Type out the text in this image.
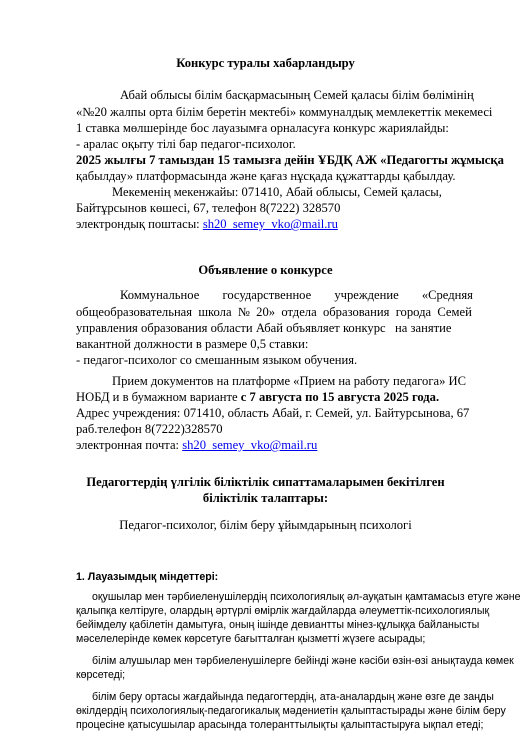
Конкурс туралы хабарландыру
Абай облысы білім басқармасының Семей қаласы білім бөлімінің
«№20 жалпы орта білім беретін мектебі» коммуналдық мемлекеттік мекемесі
1 ставка мөлшерінде бос лауазымға орналасуға конкурс жариялайды:
- аралас оқыту тілі бар педагог-психолог.
2025 жылғы 7 тамыздан 15 тамызға дейін ҰБДҚ АЖ «Педагогты жұмысқа
қабылдау» платформасында және қағаз нұсқада құжаттарды қабылдау.
Мекеменің мекенжайы: 071410, Абай облысы, Семей қаласы,
Байтұрсынов көшесі, 67, телефон 8(7222) 328570
электрондық поштасы: sh20_semey_vko@mail.ru
Объявление о конкурсе
Коммунальное государственное учреждение «Средняя
общеобразовательная  школа  №  20»  отдела  образования  города  Семей
управления образования области Абай объявляет конкурс   на занятие
вакантной должности в размере 0,5 ставки:
- педагог-психолог со смешанным языком обучения.
Прием документов на платформе «Прием на работу педагога» ИС
НОБД и в бумажном варианте с 7 августа по 15 августа 2025 года.
Адрес учреждения: 071410, область Абай, г. Семей, ул. Байтурсынова, 67
раб.телефон 8(7222)328570
электронная почта: sh20_semey_vko@mail.ru
Педагогтердің үлгілік біліктілік сипаттамаларымен бекітілген
біліктілік талаптары:
Педагог-психолог, білім беру ұйымдарының психологі
1. Лауазымдық міндеттері:
оқушылар мен тәрбиеленушілердің психологиялық әл-ауқатын қамтамасыз етуге және
қалыпқа келтіруге, олардың әртүрлі өмірлік жағдайларда әлеуметтік-психологиялық
бейімделу қабілетін дамытуға, оның ішінде девиантты мінез-құлыққа байланысты
мәселелерінде көмек көрсетуге бағытталған қызметті жүзеге асырады;
білім алушылар мен тәрбиеленушілерге бейінді және кәсіби өзін-өзі анықтауда көмек
көрсетеді;
білім беру ортасы жағдайында педагогтердің, ата-аналардың және өзге де заңды
өкілдердің психологиялық-педагогикалық мәдениетін қалыптастырады және білім беру
процесіне қатысушылар арасында толеранттылықты қалыптастыруға ықпал етеді;
